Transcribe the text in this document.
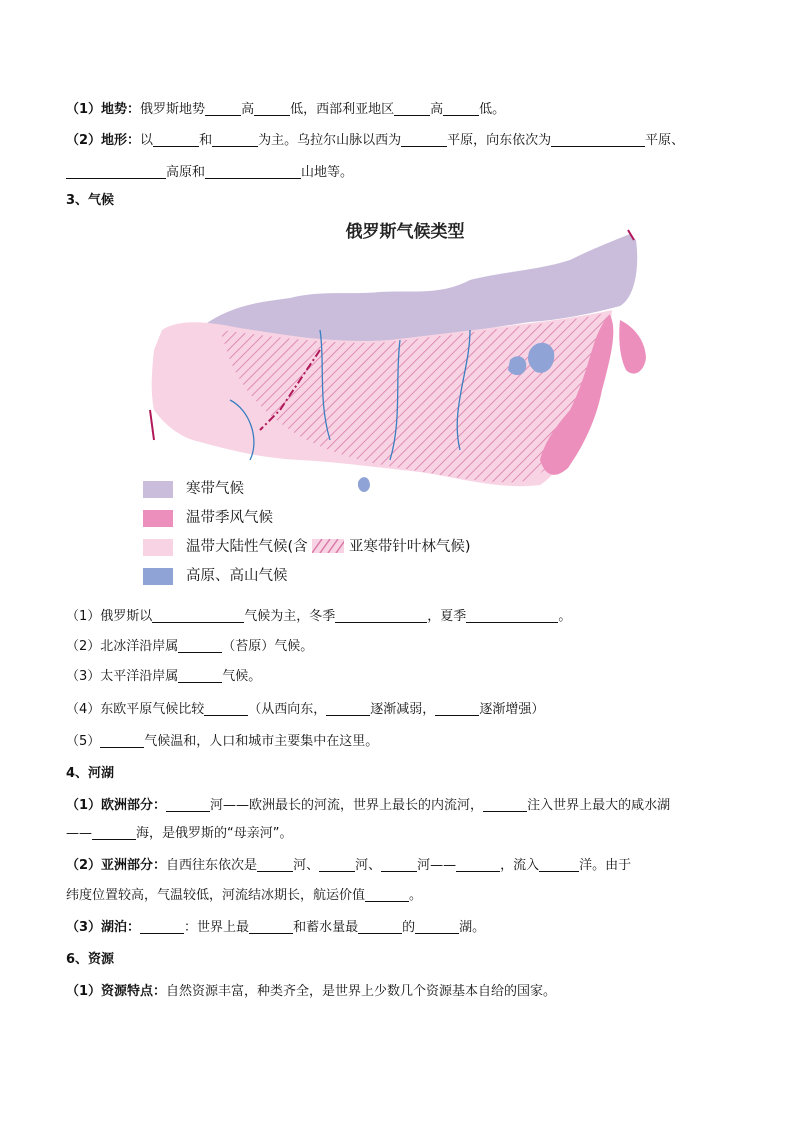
（1）地势：俄罗斯地势	高	低，西部利亚地区	高	低。
（2）地形：以	和	为主。乌拉尔山脉以西为	平原，向东依次为	平原、
高原和	山地等。
3、气候
俄罗斯气候类型
寒带气候
温带季风气候
温带大陆性气候(含	亚寒带针叶林气候)
高原、高山气候
（1）俄罗斯以	气候为主，冬季	，夏季	。
（2）北冰洋沿岸属	（苔原）气候。
（3）太平洋沿岸属	气候。
（4）东欧平原气候比较	（从西向东，	逐渐减弱，	逐渐增强）
（5）	气候温和，人口和城市主要集中在这里。
4、河湖
（1）欧洲部分：	河——欧洲最长的河流，世界上最长的内流河，	注入世界上最大的咸水湖
——	海，是俄罗斯的“母亲河”。
（2）亚洲部分：自西往东依次是	河、	河、	河——	，流入	洋。由于
纬度位置较高，气温较低，河流结冰期长，航运价值	。
（3）湖泊：	：世界上最	和蓄水量最	的	湖。
6、资源
（1）资源特点：自然资源丰富，种类齐全，是世界上少数几个资源基本自给的国家。
